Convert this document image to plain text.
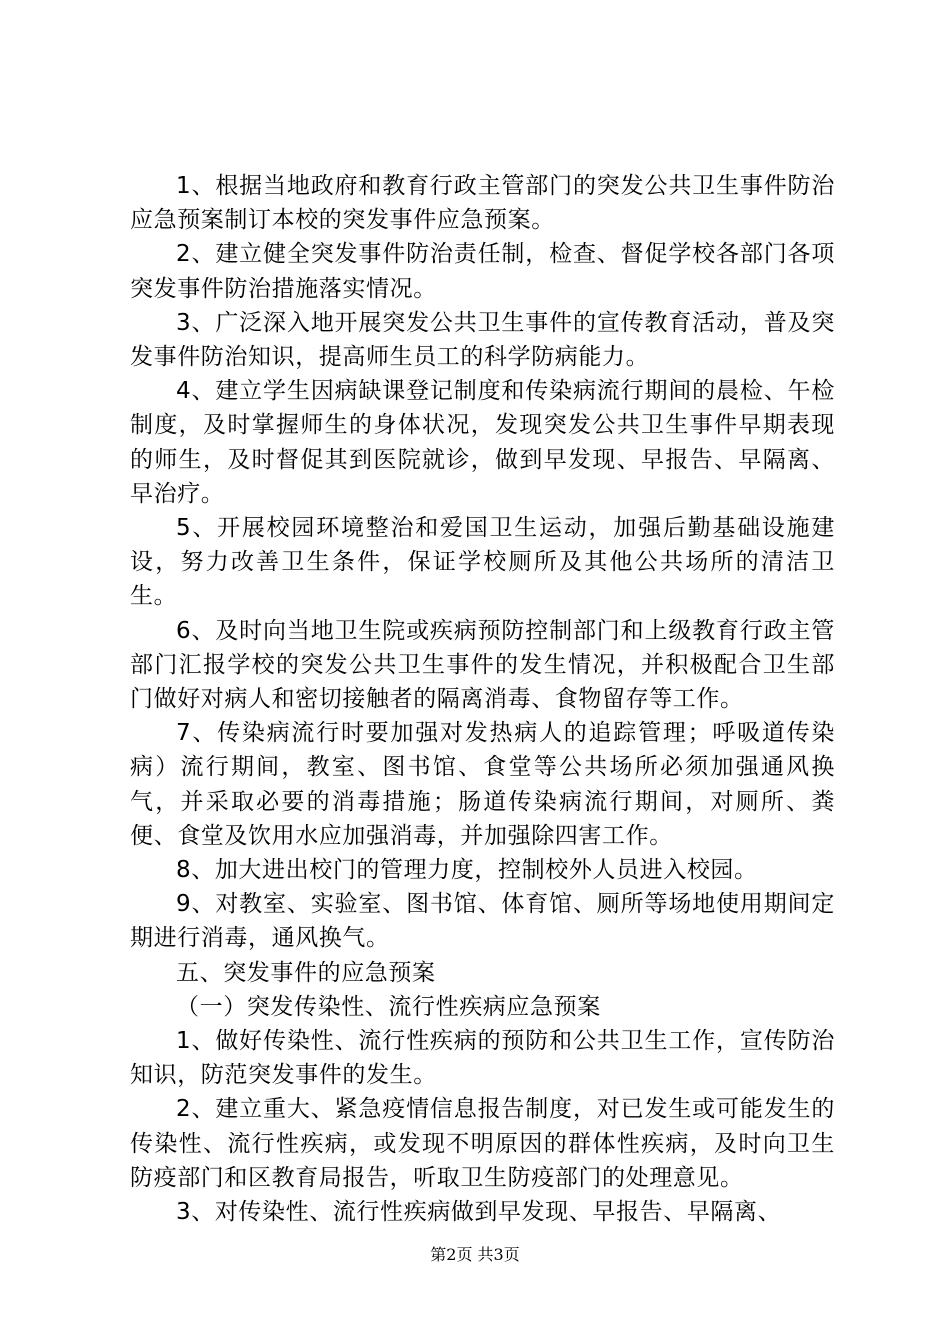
1、根据当地政府和教育行政主管部门的突发公共卫生事件防治应急预案制订本校的突发事件应急预案。

2、建立健全突发事件防治责任制，检查、督促学校各部门各项突发事件防治措施落实情况。

3、广泛深入地开展突发公共卫生事件的宣传教育活动，普及突发事件防治知识，提高师生员工的科学防病能力。

4、建立学生因病缺课登记制度和传染病流行期间的晨检、午检制度，及时掌握师生的身体状况，发现突发公共卫生事件早期表现的师生，及时督促其到医院就诊，做到早发现、早报告、早隔离、早治疗。

5、开展校园环境整治和爱国卫生运动，加强后勤基础设施建设，努力改善卫生条件，保证学校厕所及其他公共场所的清洁卫生。

6、及时向当地卫生院或疾病预防控制部门和上级教育行政主管部门汇报学校的突发公共卫生事件的发生情况，并积极配合卫生部门做好对病人和密切接触者的隔离消毒、食物留存等工作。

7、传染病流行时要加强对发热病人的追踪管理；呼吸道传染病）流行期间，教室、图书馆、食堂等公共场所必须加强通风换气，并采取必要的消毒措施；肠道传染病流行期间，对厕所、粪便、食堂及饮用水应加强消毒，并加强除四害工作。

8、加大进出校门的管理力度，控制校外人员进入校园。

9、对教室、实验室、图书馆、体育馆、厕所等场地使用期间定期进行消毒，通风换气。

五、突发事件的应急预案

（一）突发传染性、流行性疾病应急预案

1、做好传染性、流行性疾病的预防和公共卫生工作，宣传防治知识，防范突发事件的发生。

2、建立重大、紧急疫情信息报告制度，对已发生或可能发生的传染性、流行性疾病，或发现不明原因的群体性疾病，及时向卫生防疫部门和区教育局报告，听取卫生防疫部门的处理意见。

3、对传染性、流行性疾病做到早发现、早报告、早隔离、

第2页 共3页
